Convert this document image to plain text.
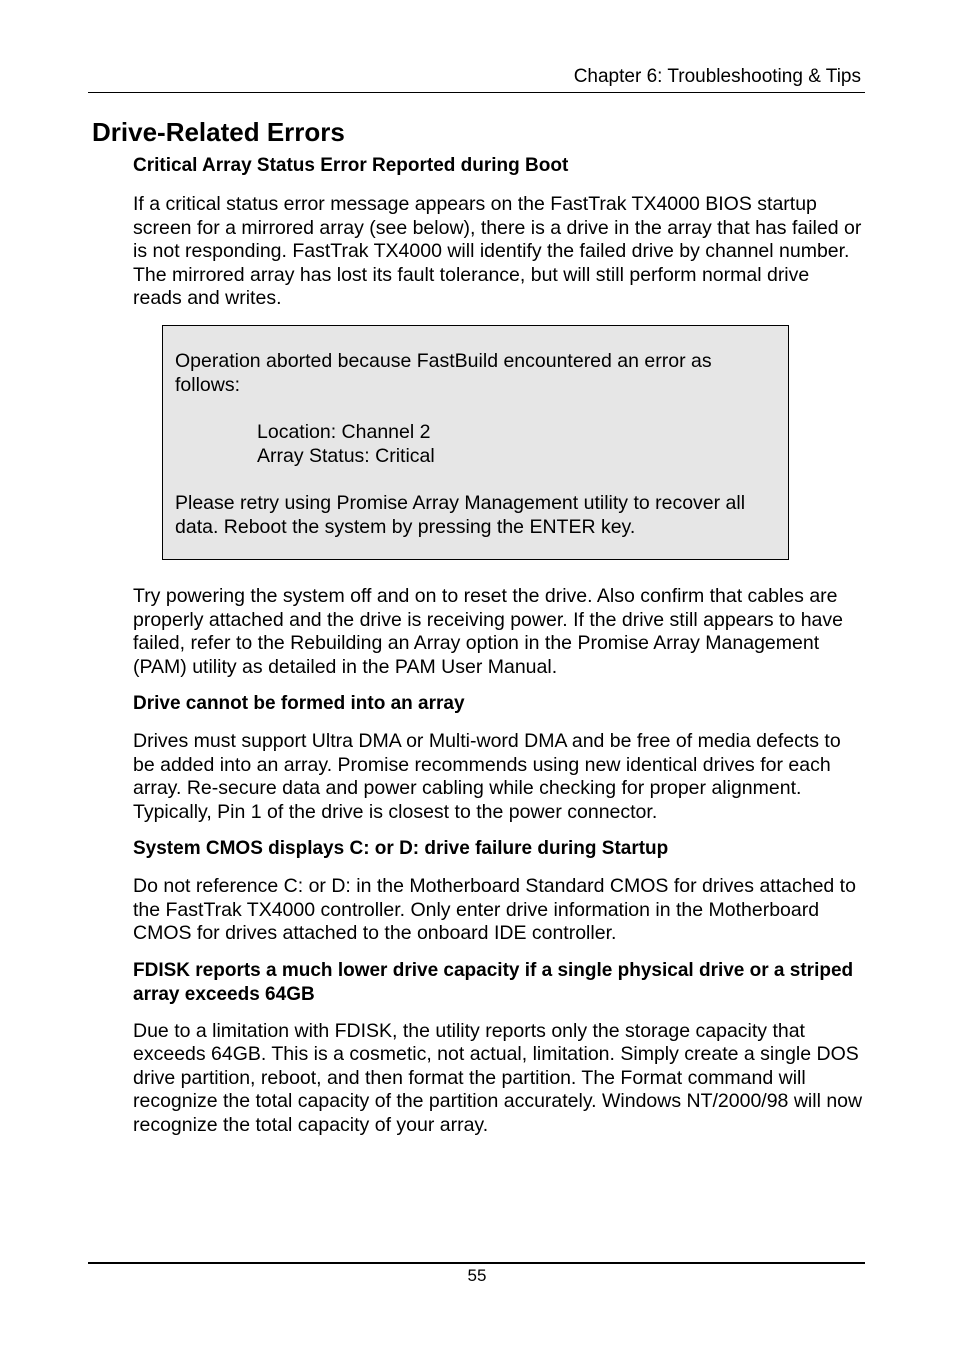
Chapter 6: Troubleshooting & Tips
Drive-Related Errors

Critical Array Status Error Reported during Boot

If a critical status error message appears on the FastTrak TX4000 BIOS startup screen for a mirrored array (see below), there is a drive in the array that has failed or is not responding. FastTrak TX4000 will identify the failed drive by channel number. The mirrored array has lost its fault tolerance, but will still perform normal drive reads and writes.

Operation aborted because FastBuild encountered an error as follows:

Location: Channel 2

Array Status: Critical

Please retry using Promise Array Management utility to recover all data. Reboot the system by pressing the ENTER key.

Try powering the system off and on to reset the drive. Also confirm that cables are properly attached and the drive is receiving power. If the drive still appears to have failed, refer to the Rebuilding an Array option in the Promise Array Management (PAM) utility as detailed in the PAM User Manual.

Drive cannot be formed into an array

Drives must support Ultra DMA or Multi-word DMA and be free of media defects to be added into an array. Promise recommends using new identical drives for each array. Re-secure data and power cabling while checking for proper alignment. Typically, Pin 1 of the drive is closest to the power connector.

System CMOS displays C: or D: drive failure during Startup

Do not reference C: or D: in the Motherboard Standard CMOS for drives attached to the FastTrak TX4000 controller. Only enter drive information in the Motherboard CMOS for drives attached to the onboard IDE controller.

FDISK reports a much lower drive capacity if a single physical drive or a striped array exceeds 64GB

Due to a limitation with FDISK, the utility reports only the storage capacity that exceeds 64GB. This is a cosmetic, not actual, limitation. Simply create a single DOS drive partition, reboot, and then format the partition. The Format command will recognize the total capacity of the partition accurately. Windows NT/2000/98 will now recognize the total capacity of your array.

55
